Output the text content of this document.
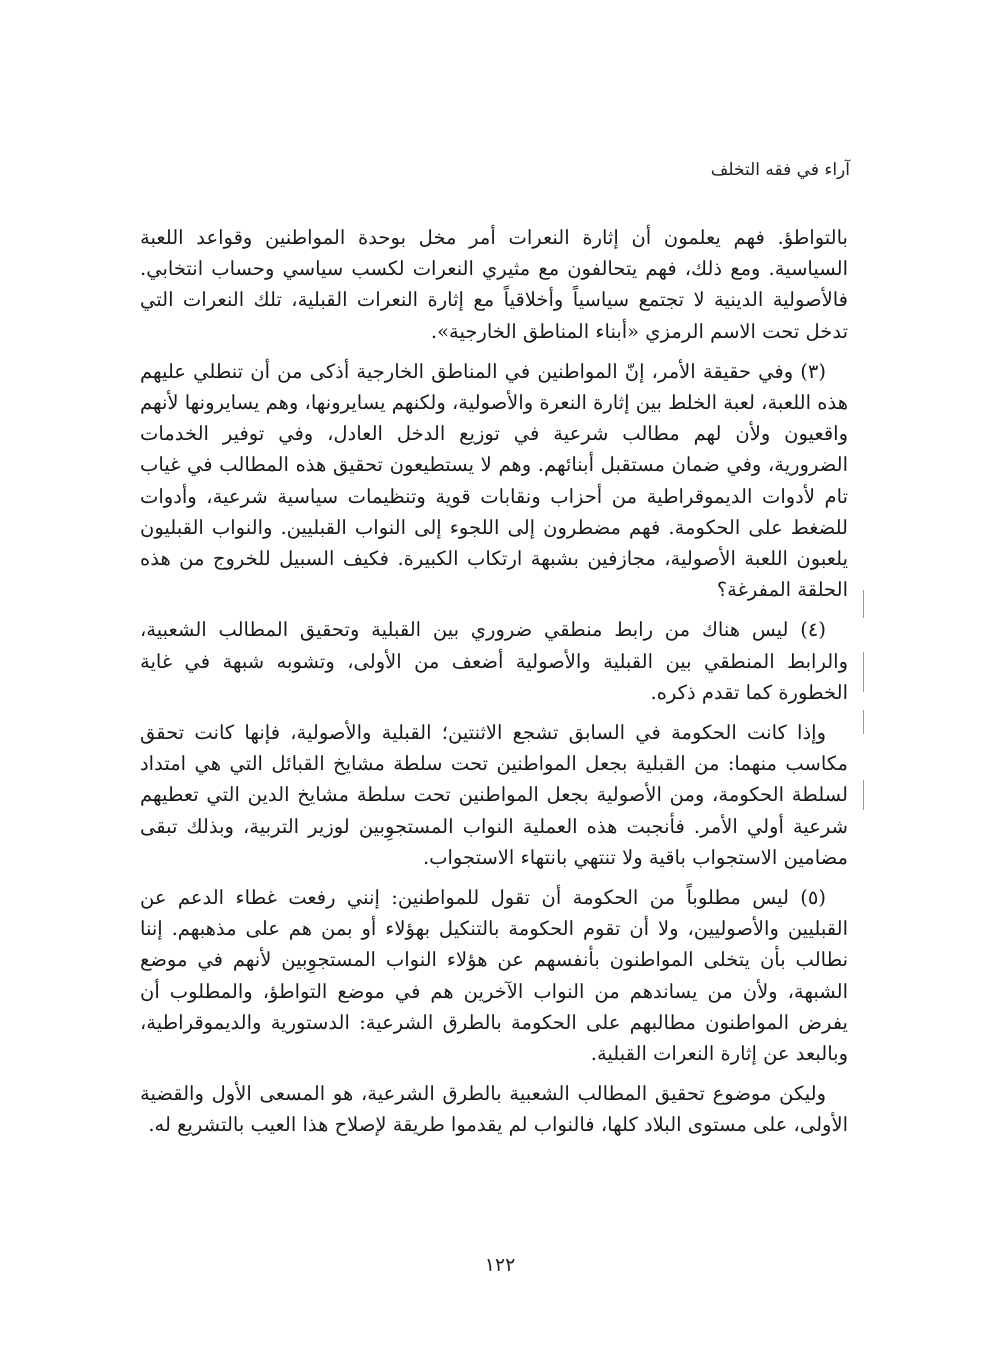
آراء في فقه التخلف

بالتواطؤ. فهم يعلمون أن إثارة النعرات أمر مخل بوحدة المواطنين وقواعد اللعبة السياسية. ومع ذلك، فهم يتحالفون مع مثيري النعرات لكسب سياسي وحساب انتخابي. فالأصولية الدينية لا تجتمع سياسياً وأخلاقياً مع إثارة النعرات القبلية، تلك النعرات التي تدخل تحت الاسم الرمزي «أبناء المناطق الخارجية».

(٣) وفي حقيقة الأمر، إنّ المواطنين في المناطق الخارجية أذكى من أن تنطلي عليهم هذه اللعبة، لعبة الخلط بين إثارة النعرة والأصولية، ولكنهم يسايرونها، وهم يسايرونها لأنهم واقعيون ولأن لهم مطالب شرعية في توزيع الدخل العادل، وفي توفير الخدمات الضرورية، وفي ضمان مستقبل أبنائهم. وهم لا يستطيعون تحقيق هذه المطالب في غياب تام لأدوات الديموقراطية من أحزاب ونقابات قوية وتنظيمات سياسية شرعية، وأدوات للضغط على الحكومة. فهم مضطرون إلى اللجوء إلى النواب القبليين. والنواب القبليون يلعبون اللعبة الأصولية، مجازفين بشبهة ارتكاب الكبيرة. فكيف السبيل للخروج من هذه الحلقة المفرغة؟

(٤) ليس هناك من رابط منطقي ضروري بين القبلية وتحقيق المطالب الشعبية، والرابط المنطقي بين القبلية والأصولية أضعف من الأولى، وتشوبه شبهة في غاية الخطورة كما تقدم ذكره.

وإذا كانت الحكومة في السابق تشجع الاثنتين؛ القبلية والأصولية، فإنها كانت تحقق مكاسب منهما: من القبلية بجعل المواطنين تحت سلطة مشايخ القبائل التي هي امتداد لسلطة الحكومة، ومن الأصولية بجعل المواطنين تحت سلطة مشايخ الدين التي تعطيهم شرعية أولي الأمر. فأنجبت هذه العملية النواب المستجوِبين لوزير التربية، وبذلك تبقى مضامين الاستجواب باقية ولا تنتهي بانتهاء الاستجواب.

(٥) ليس مطلوباً من الحكومة أن تقول للمواطنين: إنني رفعت غطاء الدعم عن القبليين والأصوليين، ولا أن تقوم الحكومة بالتنكيل بهؤلاء أو بمن هم على مذهبهم. إننا نطالب بأن يتخلى المواطنون بأنفسهم عن هؤلاء النواب المستجوِبين لأنهم في موضع الشبهة، ولأن من يساندهم من النواب الآخرين هم في موضع التواطؤ، والمطلوب أن يفرض المواطنون مطالبهم على الحكومة بالطرق الشرعية: الدستورية والديموقراطية، وبالبعد عن إثارة النعرات القبلية.

وليكن موضوع تحقيق المطالب الشعبية بالطرق الشرعية، هو المسعى الأول والقضية الأولى، على مستوى البلاد كلها، فالنواب لم يقدموا طريقة لإصلاح هذا العيب بالتشريع له.

١٢٢
